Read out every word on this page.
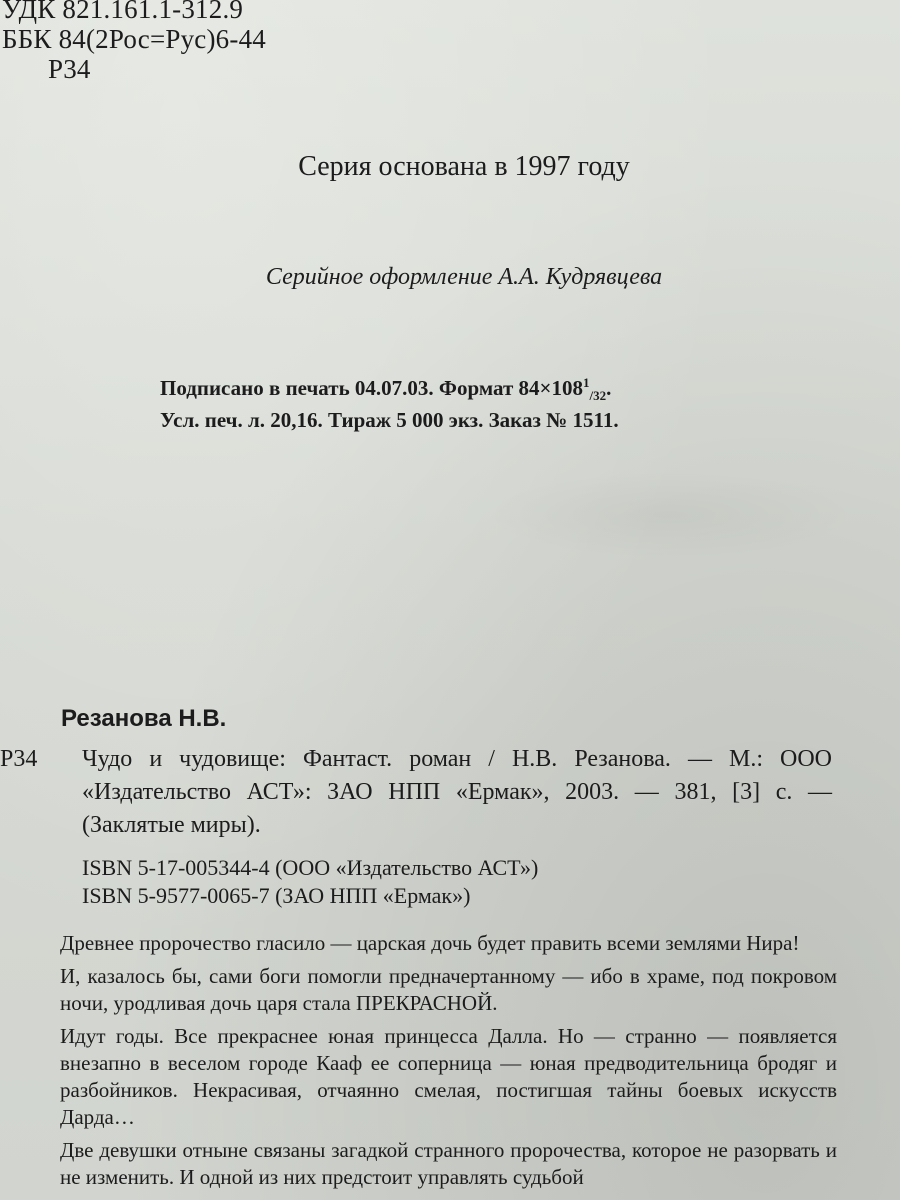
УДК 821.161.1-312.9
ББК 84(2Рос=Рус)6-44
Р34
Серия основана в 1997 году
Серийное оформление А.А. Кудрявцева
Подписано в печать 04.07.03. Формат $84\times 108^1_{/32}$.
Усл. печ. л. 20,16. Тираж 5 000 экз. Заказ № 1511.
Резанова Н.В.
Р34 Чудо и чудовище: Фантаст. роман / Н.В. Резанова. — М.: ООО «Издательство АСТ»: ЗАО НПП «Ермак», 2003. — 381, [3] с. —(Заклятые миры).
ISBN 5-17-005344-4 (ООО «Издательство АСТ»)
ISBN 5-9577-0065-7 (ЗАО НПП «Ермак»)

Древнее пророчество гласило — царская дочь будет править всеми землями Нира!

И, казалось бы, сами боги помогли предначертанному — ибо в храме, под покровом ночи, уродливая дочь царя стала ПРЕКРАСНОЙ.

Идут годы. Все прекраснее юная принцесса Далла. Но — странно — появляется внезапно в веселом городе Кааф ее соперница — юная предводительница бродяг и разбойников. Некрасивая, отчаянно смелая, постигшая тайны боевых искусств Дарда…

Две девушки отныне связаны загадкой странного пророчества, которое не разорвать и не изменить. И одной из них предстоит управлять судьбой
